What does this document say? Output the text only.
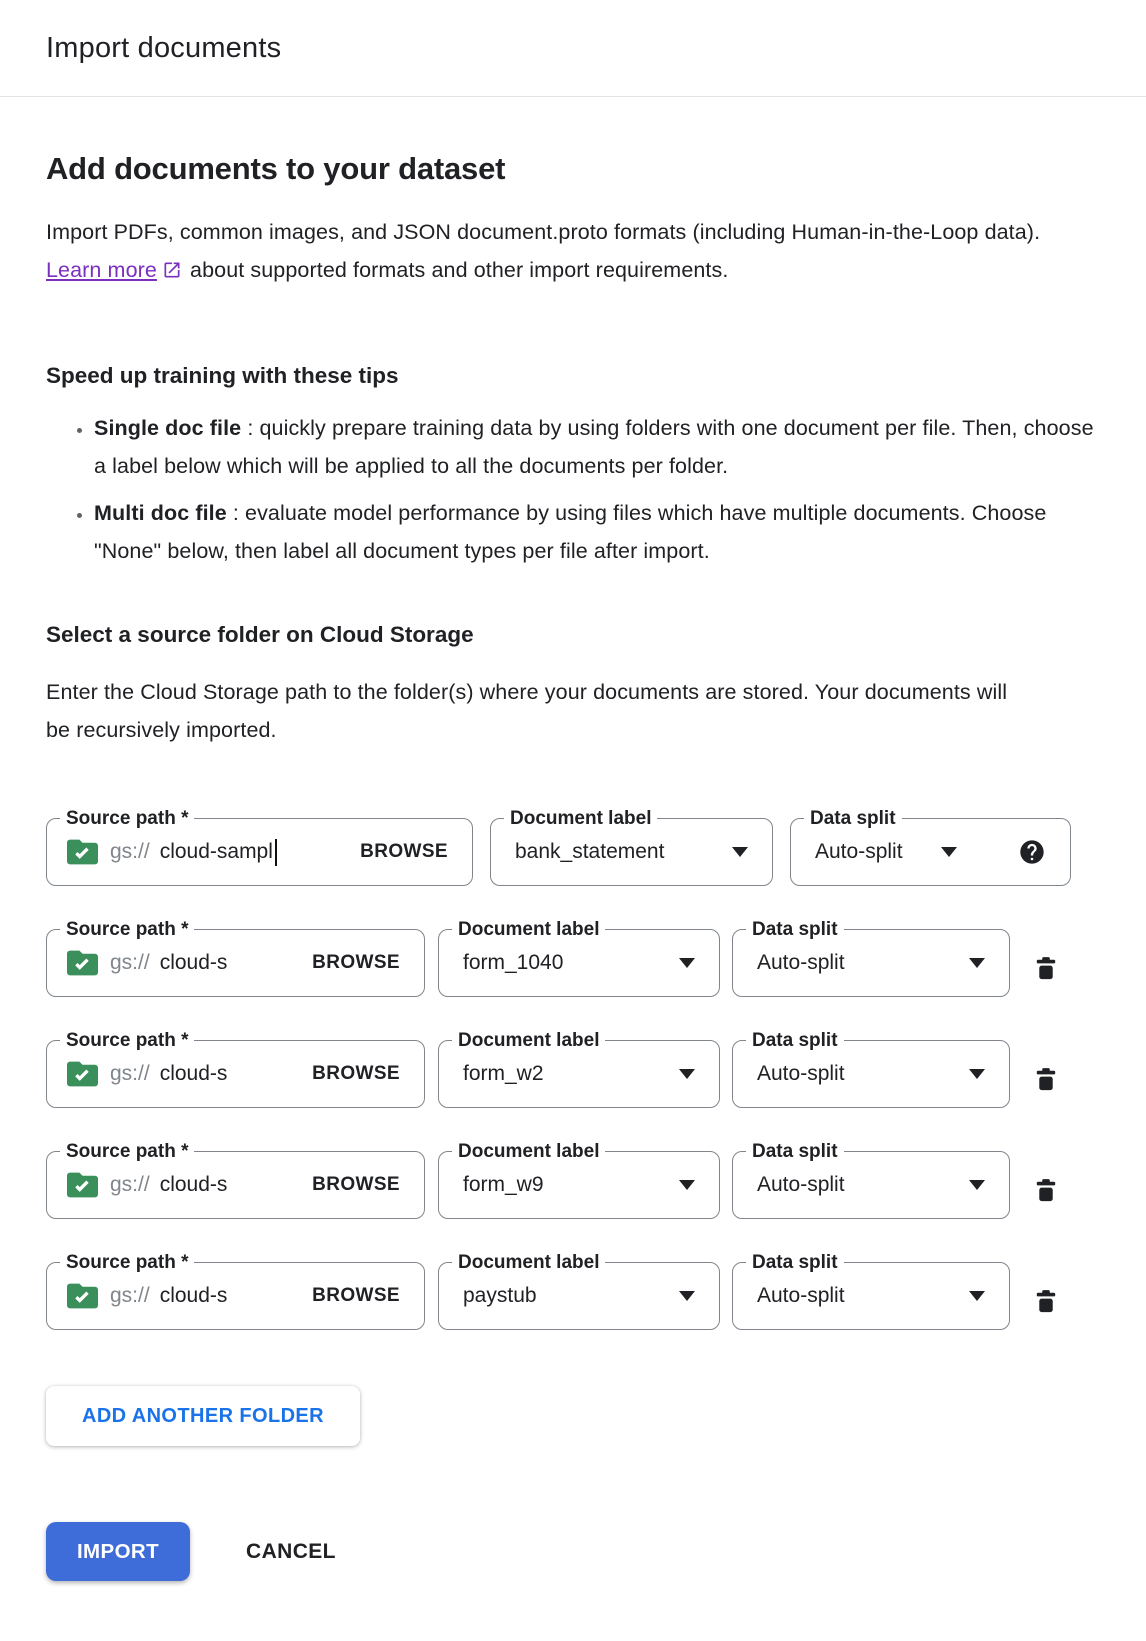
Import documents
Add documents to your dataset

Import PDFs, common images, and JSON document.proto formats (including Human-in-the-Loop data). Learn more about supported formats and other import requirements.

Speed up training with these tips
• Single doc file : quickly prepare training data by using folders with one document per file. Then, choose a label below which will be applied to all the documents per folder.
• Multi doc file : evaluate model performance by using files which have multiple documents. Choose "None" below, then label all document types per file after import.
Select a source folder on Cloud Storage

Enter the Cloud Storage path to the folder(s) where your documents are stored. Your documents will be recursively imported.

Source path *
gs:// cloud-sampl	BROWSE
Document label
bank_statement
Data split
Auto-split
Source path *
gs:// cloud-s	BROWSE
Document label
form_1040
Data split
Auto-split
Source path *
gs:// cloud-s	BROWSE
Document label
form_w2
Data split
Auto-split
Source path *
gs:// cloud-s	BROWSE
Document label
form_w9
Data split
Auto-split
Source path *
gs:// cloud-s	BROWSE
Document label
paystub
Data split
Auto-split
ADD ANOTHER FOLDER
IMPORT	CANCEL
